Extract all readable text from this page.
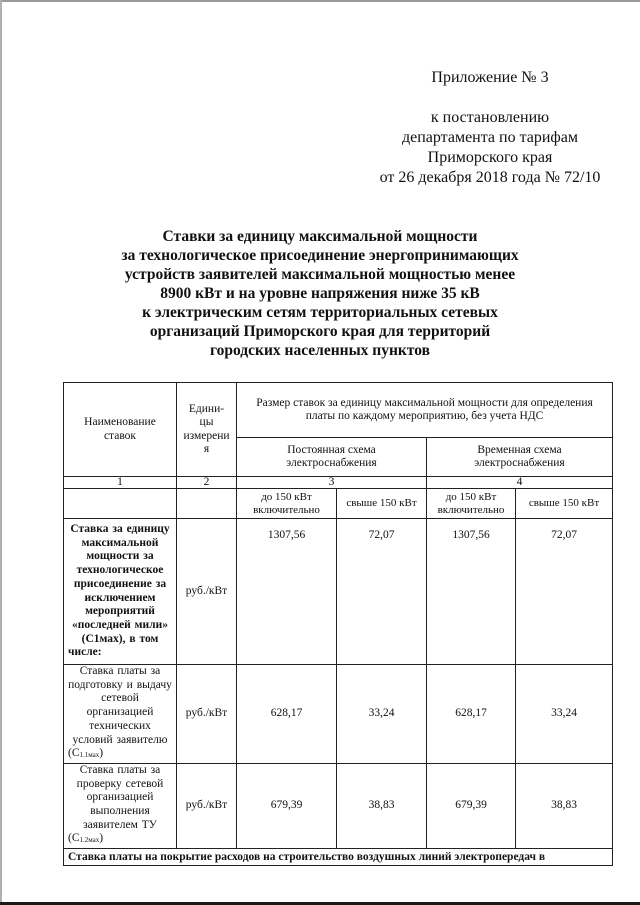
Приложение № 3
к постановлению
департамента по тарифам
Приморского края
от 26 декабря 2018 года № 72/10
Ставки за единицу максимальной мощности
за технологическое присоединение энергопринимающих
устройств заявителей максимальной мощностью менее
8900 кВт и на уровне напряжения ниже 35 кВ
к электрическим сетям территориальных сетевых
организаций Приморского края для территорий
городских населенных пунктов
Наименование ставок	Едини-
цы
измерени
я	Размер ставок за единицу максимальной мощности для определения платы по каждому мероприятию, без учета НДС			
		Постоянная схема электроснабжения		Временная схема электроснабжения	
1	2	3		4	
		до 150 кВт включительно	свыше 150 кВт	до 150 кВт включительно	свыше 150 кВт
Ставка за единицу максимальной мощности за технологическое присоединение за исключением мероприятий «последней мили» (С1мах), в том числе:	руб./кВт	1307,56	72,07	1307,56	72,07

Ставка платы за подготовку и выдачу сетевой организацией технических условий заявителю $(С_{1.1мах})$	руб./кВт	628,17	33,24	628,17	33,24
Ставка платы за проверку сетевой организацией выполнения заявителем ТУ $(С_{1.2мах})$	руб./кВт	679,39	38,83	679,39	38,83
Ставка платы на покрытие расходов на строительство воздушных линий электропередач в					
